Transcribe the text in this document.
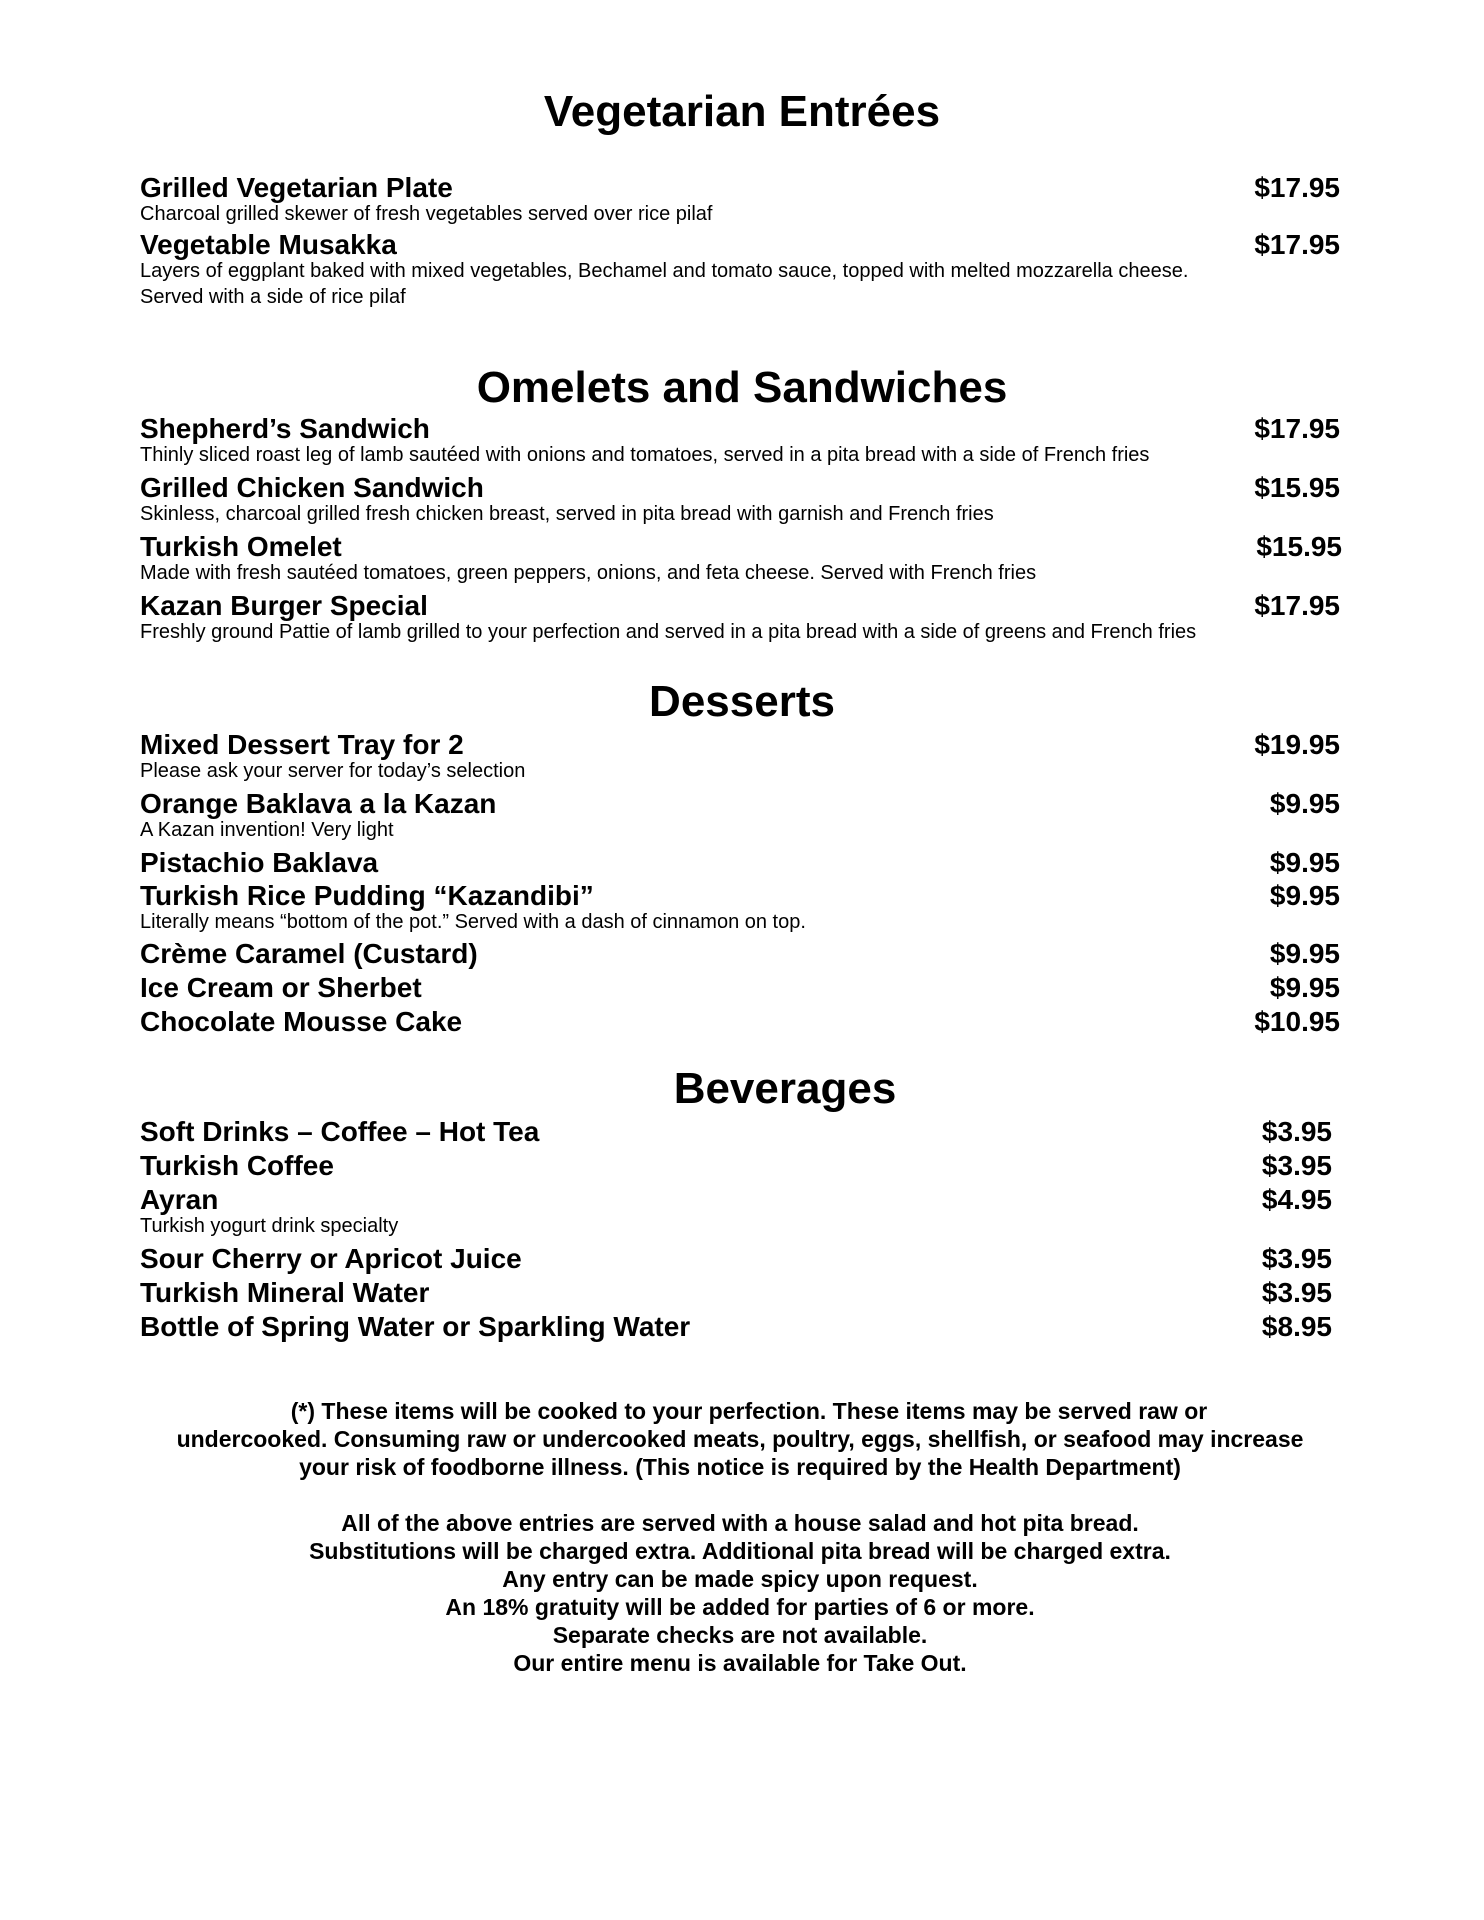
Vegetarian Entrées
Grilled Vegetarian Plate	$17.95
Charcoal grilled skewer of fresh vegetables served over rice pilaf
Vegetable Musakka	$17.95
Layers of eggplant baked with mixed vegetables, Bechamel and tomato sauce, topped with melted mozzarella cheese.
Served with a side of rice pilaf
Omelets and Sandwiches
Shepherd’s Sandwich	$17.95
Thinly sliced roast leg of lamb sautéed with onions and tomatoes, served in a pita bread with a side of French fries
Grilled Chicken Sandwich	$15.95
Skinless, charcoal grilled fresh chicken breast, served in pita bread with garnish and French fries
Turkish Omelet	$15.95
Made with fresh sautéed tomatoes, green peppers, onions, and feta cheese. Served with French fries
Kazan Burger Special	$17.95
Freshly ground Pattie of lamb grilled to your perfection and served in a pita bread with a side of greens and French fries
Desserts
Mixed Dessert Tray for 2	$19.95
Please ask your server for today’s selection
Orange Baklava a la Kazan	$9.95
A Kazan invention! Very light
Pistachio Baklava	$9.95
Turkish Rice Pudding “Kazandibi”	$9.95
Literally means “bottom of the pot.” Served with a dash of cinnamon on top.
Crème Caramel (Custard)	$9.95
Ice Cream or Sherbet	$9.95
Chocolate Mousse Cake	$10.95
Beverages
Soft Drinks – Coffee – Hot Tea	$3.95
Turkish Coffee	$3.95
Ayran	$4.95
Turkish yogurt drink specialty
Sour Cherry or Apricot Juice	$3.95
Turkish Mineral Water	$3.95
Bottle of Spring Water or Sparkling Water	$8.95
(*) These items will be cooked to your perfection. These items may be served raw or
undercooked. Consuming raw or undercooked meats, poultry, eggs, shellfish, or seafood may increase
your risk of foodborne illness. (This notice is required by the Health Department)
All of the above entries are served with a house salad and hot pita bread.
Substitutions will be charged extra. Additional pita bread will be charged extra.
Any entry can be made spicy upon request.
An 18% gratuity will be added for parties of 6 or more.
Separate checks are not available.
Our entire menu is available for Take Out.
